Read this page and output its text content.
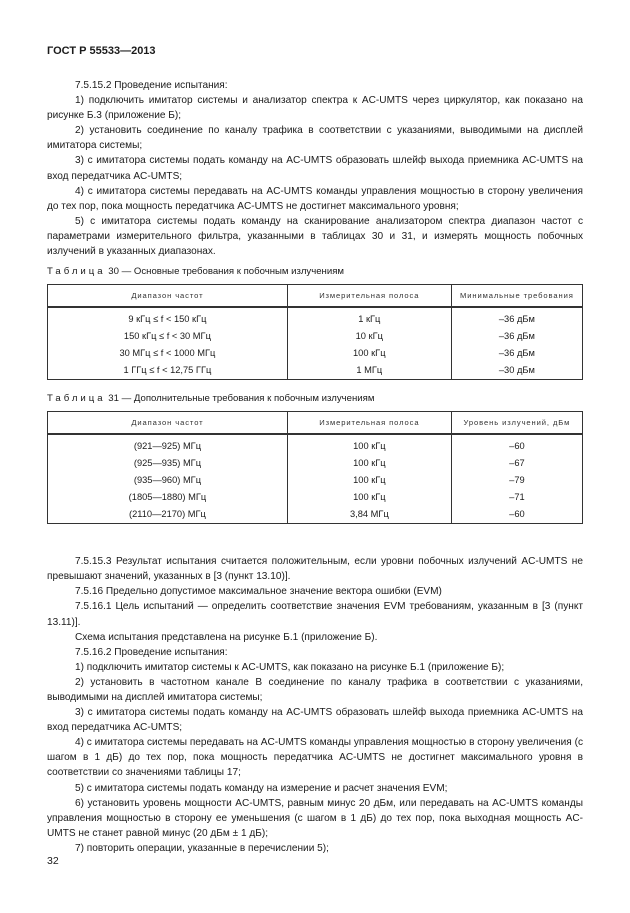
ГОСТ Р 55533—2013

7.5.15.2 Проведение испытания:

1) подключить имитатор системы и анализатор спектра к AC-UMTS через циркулятор, как показано на рисунке Б.3 (приложение Б);

2) установить соединение по каналу трафика в соответствии с указаниями, выводимыми на дисплей имитатора системы;

3) с имитатора системы подать команду на AC-UMTS образовать шлейф выхода приемника AC-UMTS на вход передатчика AC-UMTS;

4) с имитатора системы передавать на AC-UMTS команды управления мощностью в сторону увеличения до тех пор, пока мощность передатчика AC-UMTS не достигнет максимального уровня;

5) с имитатора системы подать команду на сканирование анализатором спектра диапазон частот с параметрами измерительного фильтра, указанными в таблицах 30 и 31, и измерять мощность побочных излучений в указанных диапазонах.

Таблица 30 — Основные требования к побочным излучениям
Диапазон частот	Измерительная полоса	Минимальные требования
9 кГц ≤ f < 150 кГц	1 кГц	–36 дБм
150 кГц ≤ f < 30 МГц	10 кГц	–36 дБм
30 МГц ≤ f < 1000 МГц	100 кГц	–36 дБм
1 ГГц ≤ f < 12,75 ГГц	1 МГц	–30 дБм
Таблица 31 — Дополнительные требования к побочным излучениям
Диапазон частот	Измерительная полоса	Уровень излучений, дБм
(921—925) МГц	100 кГц	–60
(925—935) МГц	100 кГц	–67
(935—960) МГц	100 кГц	–79
(1805—1880) МГц	100 кГц	–71
(2110—2170) МГц	3,84 МГц	–60

7.5.15.3 Результат испытания считается положительным, если уровни побочных излучений AC-UMTS не превышают значений, указанных в [3 (пункт 13.10)].

7.5.16 Предельно допустимое максимальное значение вектора ошибки (EVM)

7.5.16.1 Цель испытаний — определить соответствие значения EVM требованиям, указанным в [3 (пункт 13.11)].

Схема испытания представлена на рисунке Б.1 (приложение Б).

7.5.16.2 Проведение испытания:

1) подключить имитатор системы к AC-UMTS, как показано на рисунке Б.1 (приложение Б);

2) установить в частотном канале В соединение по каналу трафика в соответствии с указаниями, выводимыми на дисплей имитатора системы;

3) с имитатора системы подать команду на AC-UMTS образовать шлейф выхода приемника AC-UMTS на вход передатчика AC-UMTS;

4) с имитатора системы передавать на AC-UMTS команды управления мощностью в сторону увеличения (с шагом в 1 дБ) до тех пор, пока мощность передатчика AC-UMTS не достигнет максимального уровня в соответствии со значениями таблицы 17;

5) с имитатора системы подать команду на измерение и расчет значения EVM;

6) установить уровень мощности AC-UMTS, равным минус 20 дБм, или передавать на AC-UMTS команды управления мощностью в сторону ее уменьшения (с шагом в 1 дБ) до тех пор, пока выходная мощность AC-UMTS не станет равной минус (20 дБм ± 1 дБ);

7) повторить операции, указанные в перечислении 5);

32
